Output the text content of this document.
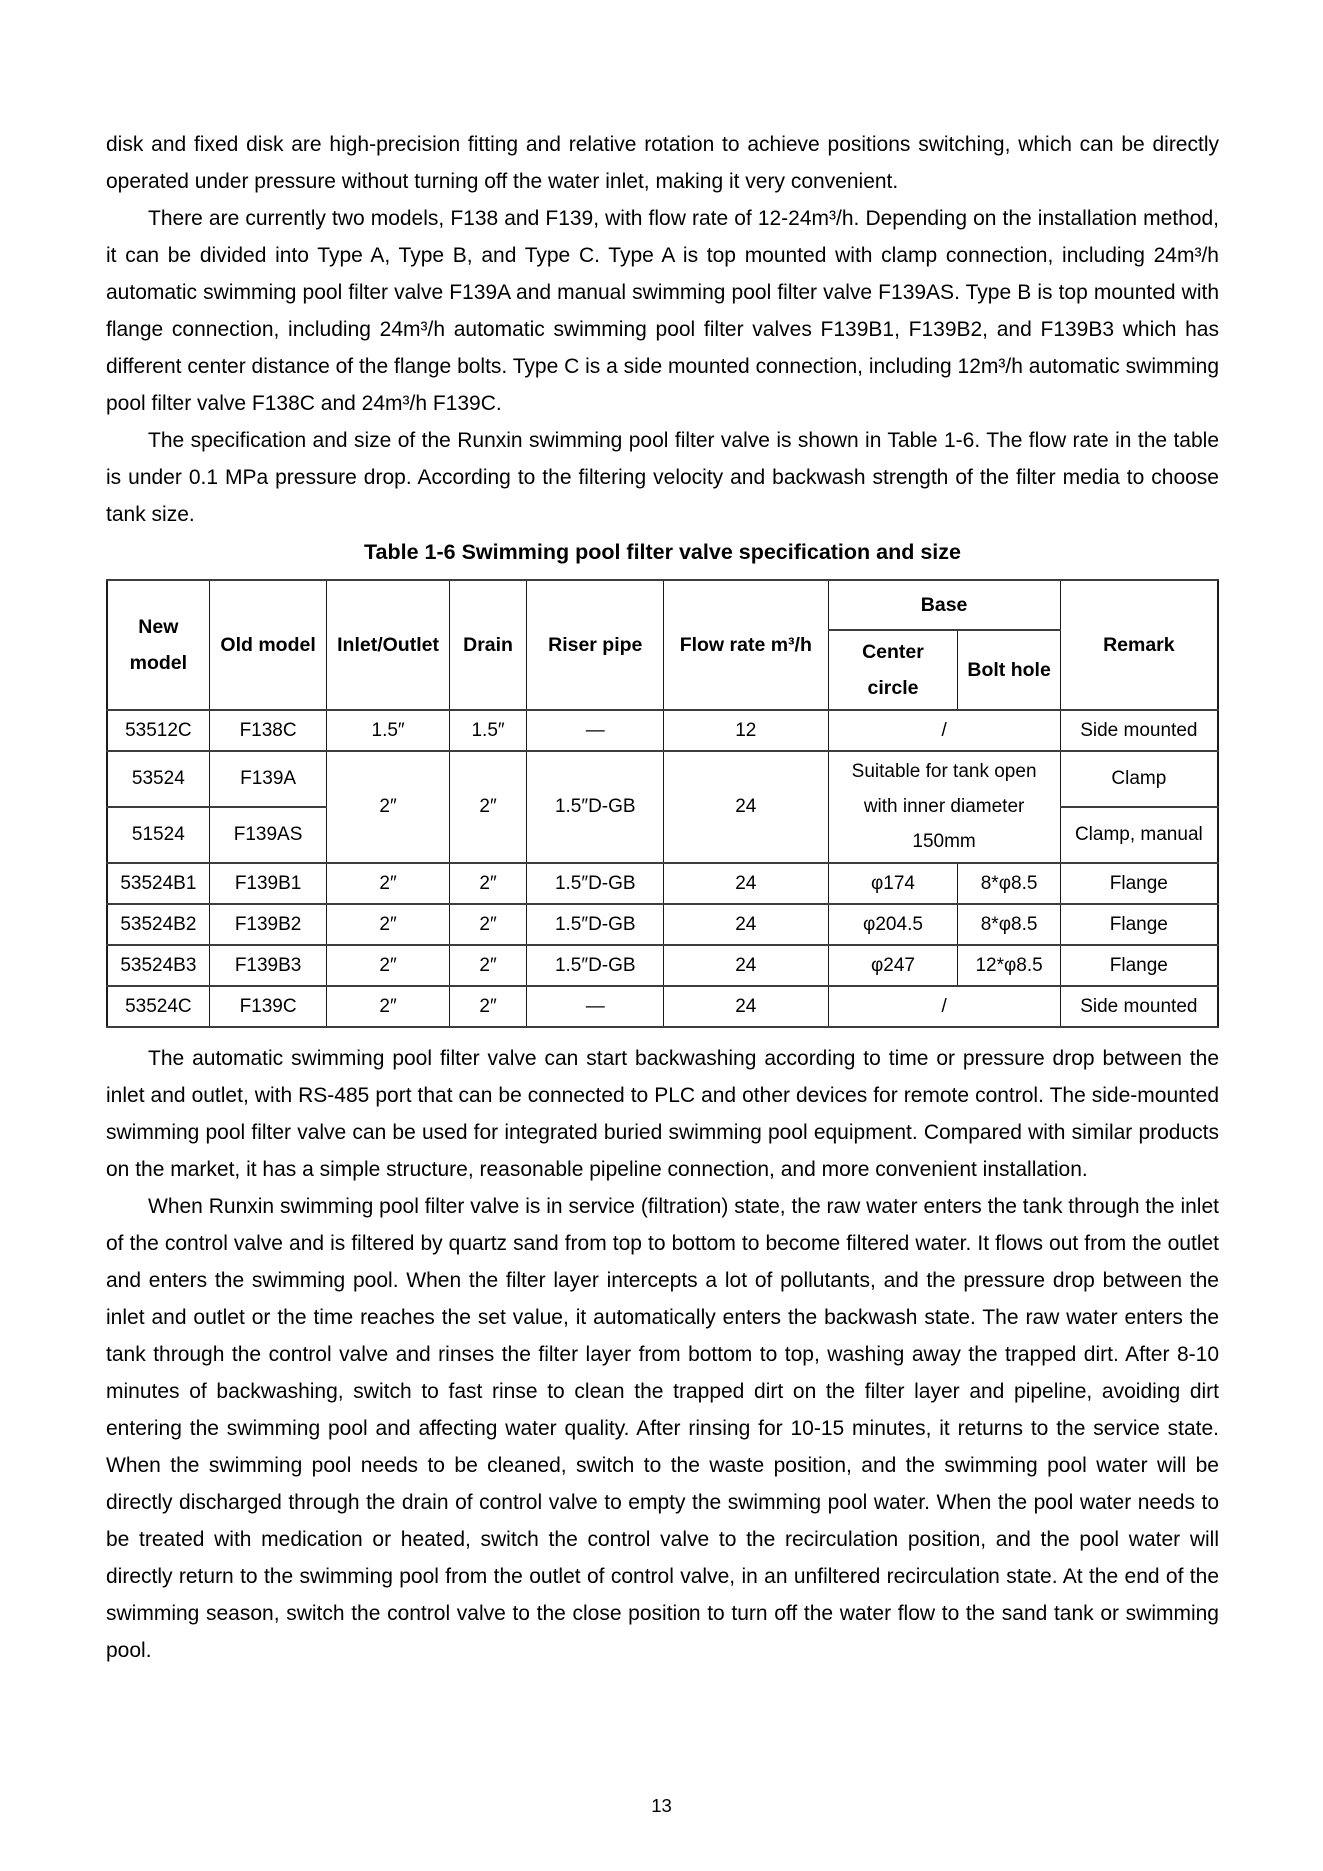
disk and fixed disk are high-precision fitting and relative rotation to achieve positions switching, which can be directly operated under pressure without turning off the water inlet, making it very convenient.

There are currently two models, F138 and F139, with flow rate of 12-24m³/h. Depending on the installation method, it can be divided into Type A, Type B, and Type C. Type A is top mounted with clamp connection, including 24m³/h automatic swimming pool filter valve F139A and manual swimming pool filter valve F139AS. Type B is top mounted with flange connection, including 24m³/h automatic swimming pool filter valves F139B1, F139B2, and F139B3 which has different center distance of the flange bolts. Type C is a side mounted connection, including 12m³/h automatic swimming pool filter valve F138C and 24m³/h F139C.

The specification and size of the Runxin swimming pool filter valve is shown in Table 1-6. The flow rate in the table is under 0.1 MPa pressure drop. According to the filtering velocity and backwash strength of the filter media to choose tank size.

Table 1-6 Swimming pool filter valve specification and size
New model	Old model	Inlet/Outlet	Drain	Riser pipe	Flow rate m³/h	Base		Remark
						Center circle	Bolt hole	
53512C	F138C	1.5″	1.5″	—	12	/		Side mounted
53524	F139A	2″	2″	1.5″D-GB	24	Suitable for tank open with inner diameter 150mm		Clamp
51524	F139AS							Clamp, manual
53524B1	F139B1	2″	2″	1.5″D-GB	24	φ174	8*φ8.5	Flange
53524B2	F139B2	2″	2″	1.5″D-GB	24	φ204.5	8*φ8.5	Flange
53524B3	F139B3	2″	2″	1.5″D-GB	24	φ247	12*φ8.5	Flange
53524C	F139C	2″	2″	—	24	/		Side mounted

The automatic swimming pool filter valve can start backwashing according to time or pressure drop between the inlet and outlet, with RS-485 port that can be connected to PLC and other devices for remote control. The side-mounted swimming pool filter valve can be used for integrated buried swimming pool equipment. Compared with similar products on the market, it has a simple structure, reasonable pipeline connection, and more convenient installation.

When Runxin swimming pool filter valve is in service (filtration) state, the raw water enters the tank through the inlet of the control valve and is filtered by quartz sand from top to bottom to become filtered water. It flows out from the outlet and enters the swimming pool. When the filter layer intercepts a lot of pollutants, and the pressure drop between the inlet and outlet or the time reaches the set value, it automatically enters the backwash state. The raw water enters the tank through the control valve and rinses the filter layer from bottom to top, washing away the trapped dirt. After 8-10 minutes of backwashing, switch to fast rinse to clean the trapped dirt on the filter layer and pipeline, avoiding dirt entering the swimming pool and affecting water quality. After rinsing for 10-15 minutes, it returns to the service state. When the swimming pool needs to be cleaned, switch to the waste position, and the swimming pool water will be directly discharged through the drain of control valve to empty the swimming pool water. When the pool water needs to be treated with medication or heated, switch the control valve to the recirculation position, and the pool water will directly return to the swimming pool from the outlet of control valve, in an unfiltered recirculation state. At the end of the swimming season, switch the control valve to the close position to turn off the water flow to the sand tank or swimming pool.

13
